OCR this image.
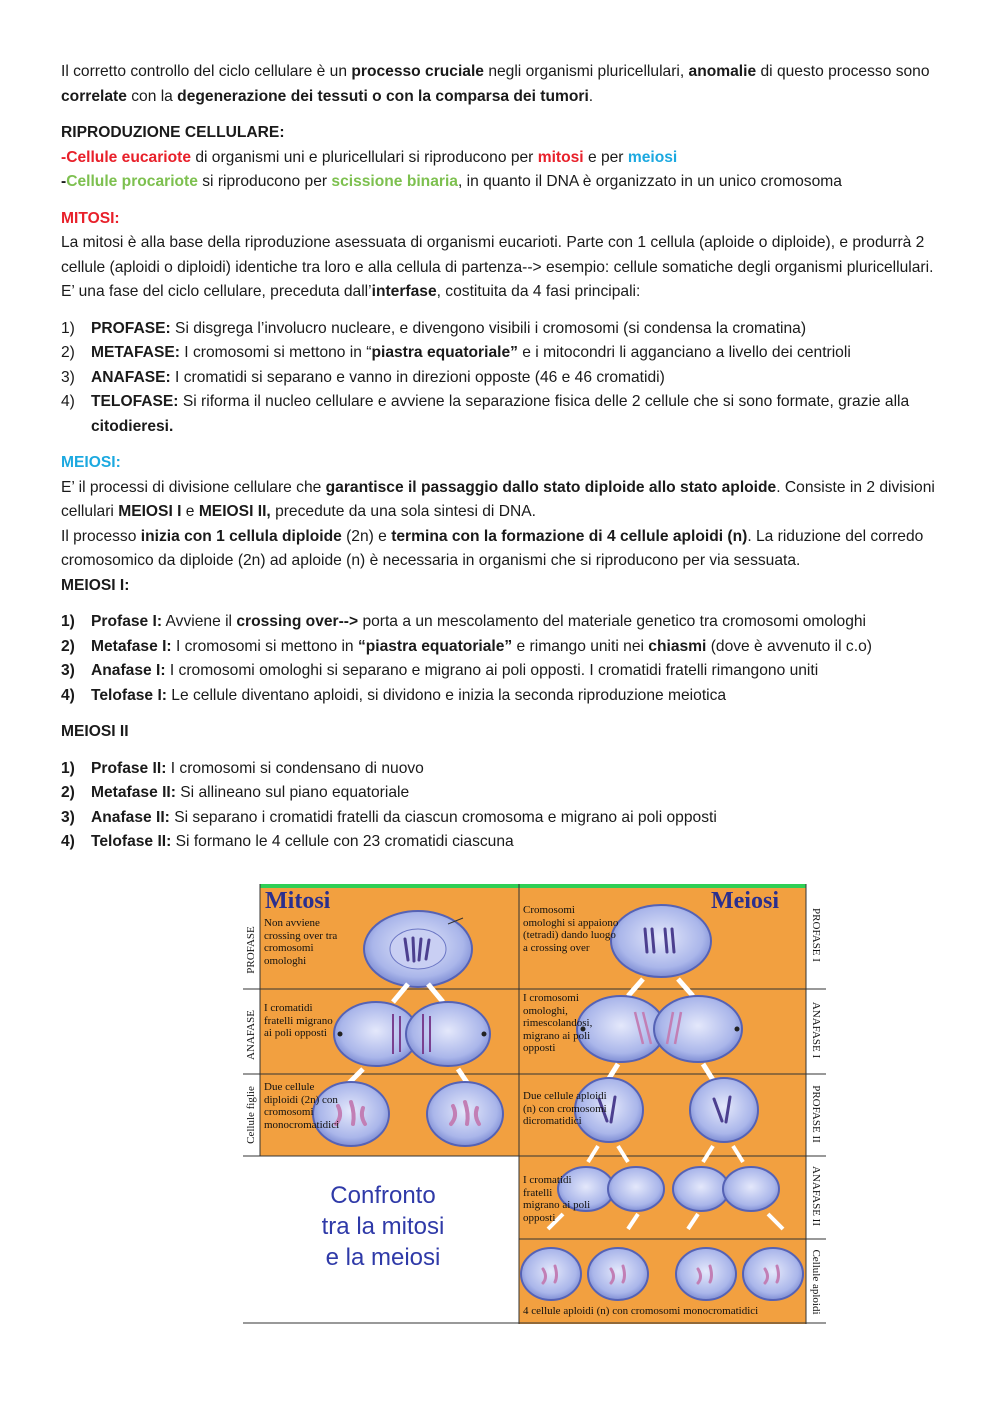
Il corretto controllo del ciclo cellulare è un processo cruciale negli organismi pluricellulari, anomalie di questo processo sono correlate con la degenerazione dei tessuti o con la comparsa dei tumori.

RIPRODUZIONE CELLULARE:

-Cellule eucariote di organismi uni e pluricellulari si riproducono per mitosi e per meiosi

-Cellule procariote si riproducono per scissione binaria, in quanto il DNA è organizzato in un unico cromosoma

MITOSI:

La mitosi è alla base della riproduzione asessuata di organismi eucarioti. Parte con 1 cellula (aploide o diploide), e produrrà 2 cellule (aploidi o diploidi) identiche tra loro e alla cellula di partenza--> esempio: cellule somatiche degli organismi pluricellulari. E’ una fase del ciclo cellulare, preceduta dall’interfase, costituita da 4 fasi principali:

1) PROFASE: Si disgrega l’involucro nucleare, e divengono visibili i cromosomi (si condensa la cromatina)
2) METAFASE: I cromosomi si mettono in “piastra equatoriale” e i mitocondri li agganciano a livello dei centrioli
3) ANAFASE: I cromatidi si separano e vanno in direzioni opposte (46 e 46 cromatidi)
4) TELOFASE: Si riforma il nucleo cellulare e avviene la separazione fisica delle 2 cellule che si sono formate, grazie alla citodieresi.

MEIOSI:

E’ il processi di divisione cellulare che garantisce il passaggio dallo stato diploide allo stato aploide. Consiste in 2 divisioni cellulari MEIOSI I e MEIOSI II, precedute da una sola sintesi di DNA.

Il processo inizia con 1 cellula diploide (2n) e termina con la formazione di 4 cellule aploidi (n). La riduzione del corredo cromosomico da diploide (2n) ad aploide (n) è necessaria in organismi che si riproducono per via sessuata.

MEIOSI I:

1) Profase I: Avviene il crossing over--> porta a un mescolamento del materiale genetico tra cromosomi omologhi
2) Metafase I: I cromosomi si mettono in “piastra equatoriale” e rimango uniti nei chiasmi (dove è avvenuto il c.o)
3) Anafase I: I cromosomi omologhi si separano e migrano ai poli opposti. I cromatidi fratelli rimangono uniti
4) Telofase I: Le cellule diventano aploidi, si dividono e inizia la seconda riproduzione meiotica

MEIOSI II

1) Profase II: I cromosomi si condensano di nuovo
2) Metafase II: Si allineano sul piano equatoriale
3) Anafase II: Si separano i cromatidi fratelli da ciascun cromosoma e migrano ai poli opposti
4) Telofase II: Si formano le 4 cellule con 23 cromatidi ciascuna
Mitosi	Meiosi
Non avviene crossing over tra cromosomi omologhi
I cromatidi fratelli migrano ai poli opposti
Due cellule diploidi (2n) con cromosomi monocromatidici
Cromosomi omologhi si appaiono (tetradi) dando luogo a crossing over
I cromosomi omologhi, rimescolandosi, migrano ai poli opposti
Due cellule aploidi (n) con cromosomi dicromatidici
I cromatidi fratelli migrano ai poli opposti
4 cellule aploidi (n) con cromosomi monocromatidici
PROFASE
ANAFASE
Cellule figlie
PROFASE I
ANAFASE I
PROFASE II
ANAFASE II
Cellule aploidi
Confronto
tra la mitosi
e la meiosi
